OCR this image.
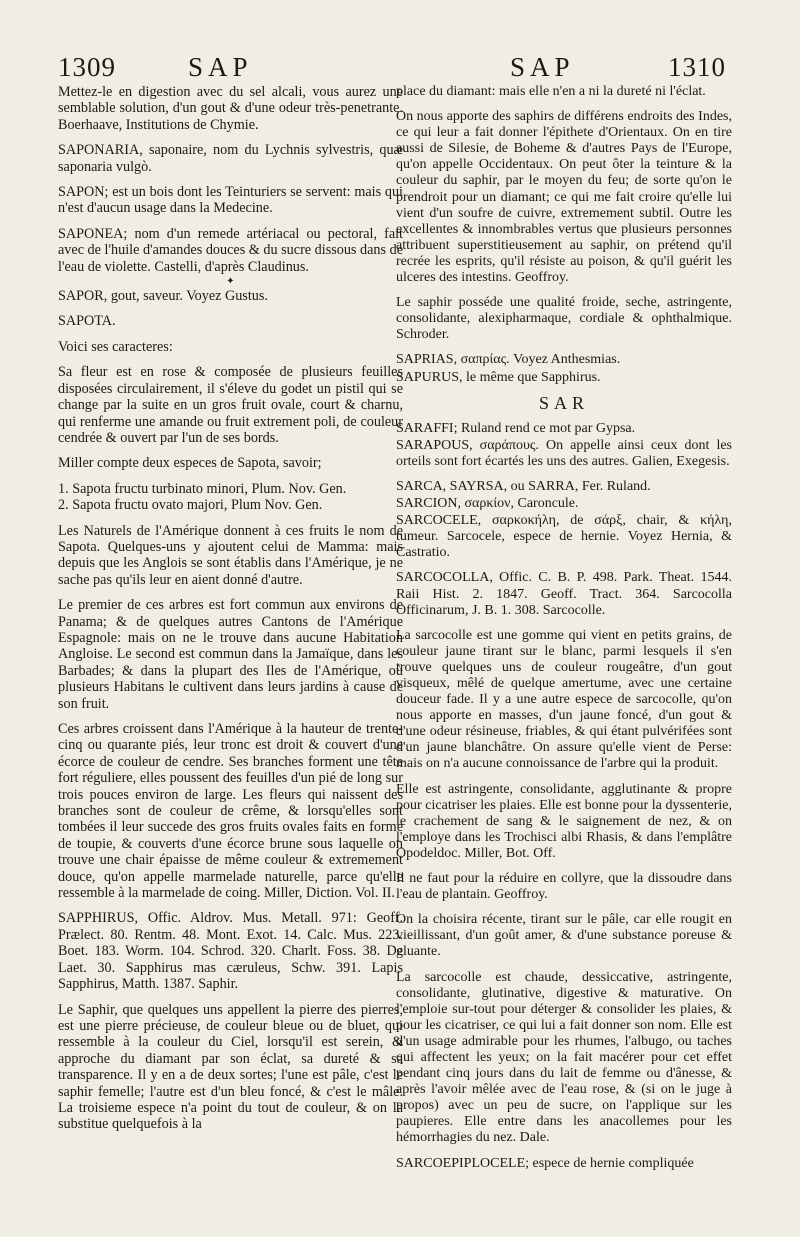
1309	SAP	SAP	1310

Mettez-le en digestion avec du sel alcali, vous aurez une semblable solution, d'un gout & d'une odeur très-penetrante. Boerhaave, Institutions de Chymie.

SAPONARIA, saponaire, nom du Lychnis sylvestris, quæ saponaria vulgò.

SAPON; est un bois dont les Teinturiers se servent: mais qui n'est d'aucun usage dans la Medecine.

SAPONEA; nom d'un remede artériacal ou pectoral, fait avec de l'huile d'amandes douces & du sucre dissous dans de l'eau de violette. Castelli, d'après Claudinus.

✦

SAPOR, gout, saveur. Voyez Gustus.

SAPOTA.

Voici ses caracteres:

Sa fleur est en rose & composée de plusieurs feuilles disposées circulairement, il s'éleve du godet un pistil qui se change par la suite en un gros fruit ovale, court & charnu, qui renferme une amande ou fruit extrement poli, de couleur cendrée & ouvert par l'un de ses bords.

Miller compte deux especes de Sapota, savoir;

1. Sapota fructu turbinato minori, Plum. Nov. Gen.
2. Sapota fructu ovato majori, Plum Nov. Gen.

Les Naturels de l'Amérique donnent à ces fruits le nom de Sapota. Quelques-uns y ajoutent celui de Mamma: mais depuis que les Anglois se sont établis dans l'Amérique, je ne sache pas qu'ils leur en aient donné d'autre.

Le premier de ces arbres est fort commun aux environs de Panama; & de quelques autres Cantons de l'Amérique Espagnole: mais on ne le trouve dans aucune Habitation Angloise. Le second est commun dans la Jamaïque, dans les Barbades; & dans la plupart des Iles de l'Amérique, où plusieurs Habitans le cultivent dans leurs jardins à cause de son fruit.

Ces arbres croissent dans l'Amérique à la hauteur de trente-cinq ou quarante piés, leur tronc est droit & couvert d'une écorce de couleur de cendre. Ses branches forment une tête fort réguliere, elles poussent des feuilles d'un pié de long sur trois pouces environ de large. Les fleurs qui naissent des branches sont de couleur de crême, & lorsqu'elles sont tombées il leur succede des gros fruits ovales faits en forme de toupie, & couverts d'une écorce brune sous laquelle on trouve une chair épaisse de même couleur & extremement douce, qu'on appelle marmelade naturelle, parce qu'elle ressemble à la marmelade de coing. Miller, Diction. Vol. II.

SAPPHIRUS, Offic. Aldrov. Mus. Metall. 971: Geoff. Prælect. 80. Rentm. 48. Mont. Exot. 14. Calc. Mus. 223. Boet. 183. Worm. 104. Schrod. 320. Charlt. Foss. 38. De Laet. 30. Sapphirus mas cæruleus, Schw. 391. Lapis Sapphirus, Matth. 1387. Saphir.

Le Saphir, que quelques uns appellent la pierre des pierres, est une pierre précieuse, de couleur bleue ou de bluet, qui ressemble à la couleur du Ciel, lorsqu'il est serein, & approche du diamant par son éclat, sa dureté & sa transparence. Il y en a de deux sortes; l'une est pâle, c'est le saphir femelle; l'autre est d'un bleu foncé, & c'est le mâle. La troisieme espece n'a point du tout de couleur, & on la substitue quelquefois à la

place du diamant: mais elle n'en a ni la dureté ni l'éclat.

On nous apporte des saphirs de différens endroits des Indes, ce qui leur a fait donner l'épithete d'Orientaux. On en tire aussi de Silesie, de Boheme & d'autres Pays de l'Europe, qu'on appelle Occidentaux. On peut ôter la teinture & la couleur du saphir, par le moyen du feu; de sorte qu'on le prendroit pour un diamant; ce qui me fait croire qu'elle lui vient d'un soufre de cuivre, extremement subtil. Outre les excellentes & innombrables vertus que plusieurs personnes attribuent superstitieusement au saphir, on prétend qu'il recrée les esprits, qu'il résiste au poison, & qu'il guérit les ulceres des intestins. Geoffroy.

Le saphir posséde une qualité froide, seche, astringente, consolidante, alexipharmaque, cordiale & ophthalmique. Schroder.

SAPRIAS, σαπρίας. Voyez Anthesmias.

SAPURUS, le même que Sapphirus.

SAR

SARAFFI; Ruland rend ce mot par Gypsa.

SARAPOUS, σαράπους. On appelle ainsi ceux dont les orteils sont fort écartés les uns des autres. Galien, Exegesis.

SARCA, SAYRSA, ou SARRA, Fer. Ruland.

SARCION, σαρκίον, Caroncule.

SARCOCELE, σαρκοκήλη, de σάρξ, chair, & κήλη, tumeur. Sarcocele, espece de hernie. Voyez Hernia, & Castratio.

SARCOCOLLA, Offic. C. B. P. 498. Park. Theat. 1544. Raii Hist. 2. 1847. Geoff. Tract. 364. Sarcocolla Officinarum, J. B. 1. 308. Sarcocolle.

La sarcocolle est une gomme qui vient en petits grains, de couleur jaune tirant sur le blanc, parmi lesquels il s'en trouve quelques uns de couleur rougeâtre, d'un gout visqueux, mêlé de quelque amertume, avec une certaine douceur fade. Il y a une autre espece de sarcocolle, qu'on nous apporte en masses, d'un jaune foncé, d'un gout & d'une odeur résineuse, friables, & qui étant pulvérifées sont d'un jaune blanchâtre. On assure qu'elle vient de Perse: mais on n'a aucune connoissance de l'arbre qui la produit.

Elle est astringente, consolidante, agglutinante & propre pour cicatriser les plaies. Elle est bonne pour la dyssenterie, le crachement de sang & le saignement de nez, & on l'employe dans les Trochisci albi Rhasis, & dans l'emplâtre Opodeldoc. Miller, Bot. Off.

Il ne faut pour la réduire en collyre, que la dissoudre dans l'eau de plantain. Geoffroy.

On la choisira récente, tirant sur le pâle, car elle rougit en vieillissant, d'un goût amer, & d'une substance poreuse & gluante.

La sarcocolle est chaude, dessiccative, astringente, consolidante, glutinative, digestive & maturative. On l'emploie sur-tout pour déterger & consolider les plaies, & pour les cicatriser, ce qui lui a fait donner son nom. Elle est d'un usage admirable pour les rhumes, l'albugo, ou taches qui affectent les yeux; on la fait macérer pour cet effet pendant cinq jours dans du lait de femme ou d'ânesse, & après l'avoir mêlée avec de l'eau rose, & (si on le juge à propos) avec un peu de sucre, on l'applique sur les paupieres. Elle entre dans les anacollemes pour les hémorrhagies du nez. Dale.

SARCOEPIPLOCELE; espece de hernie compliquée
